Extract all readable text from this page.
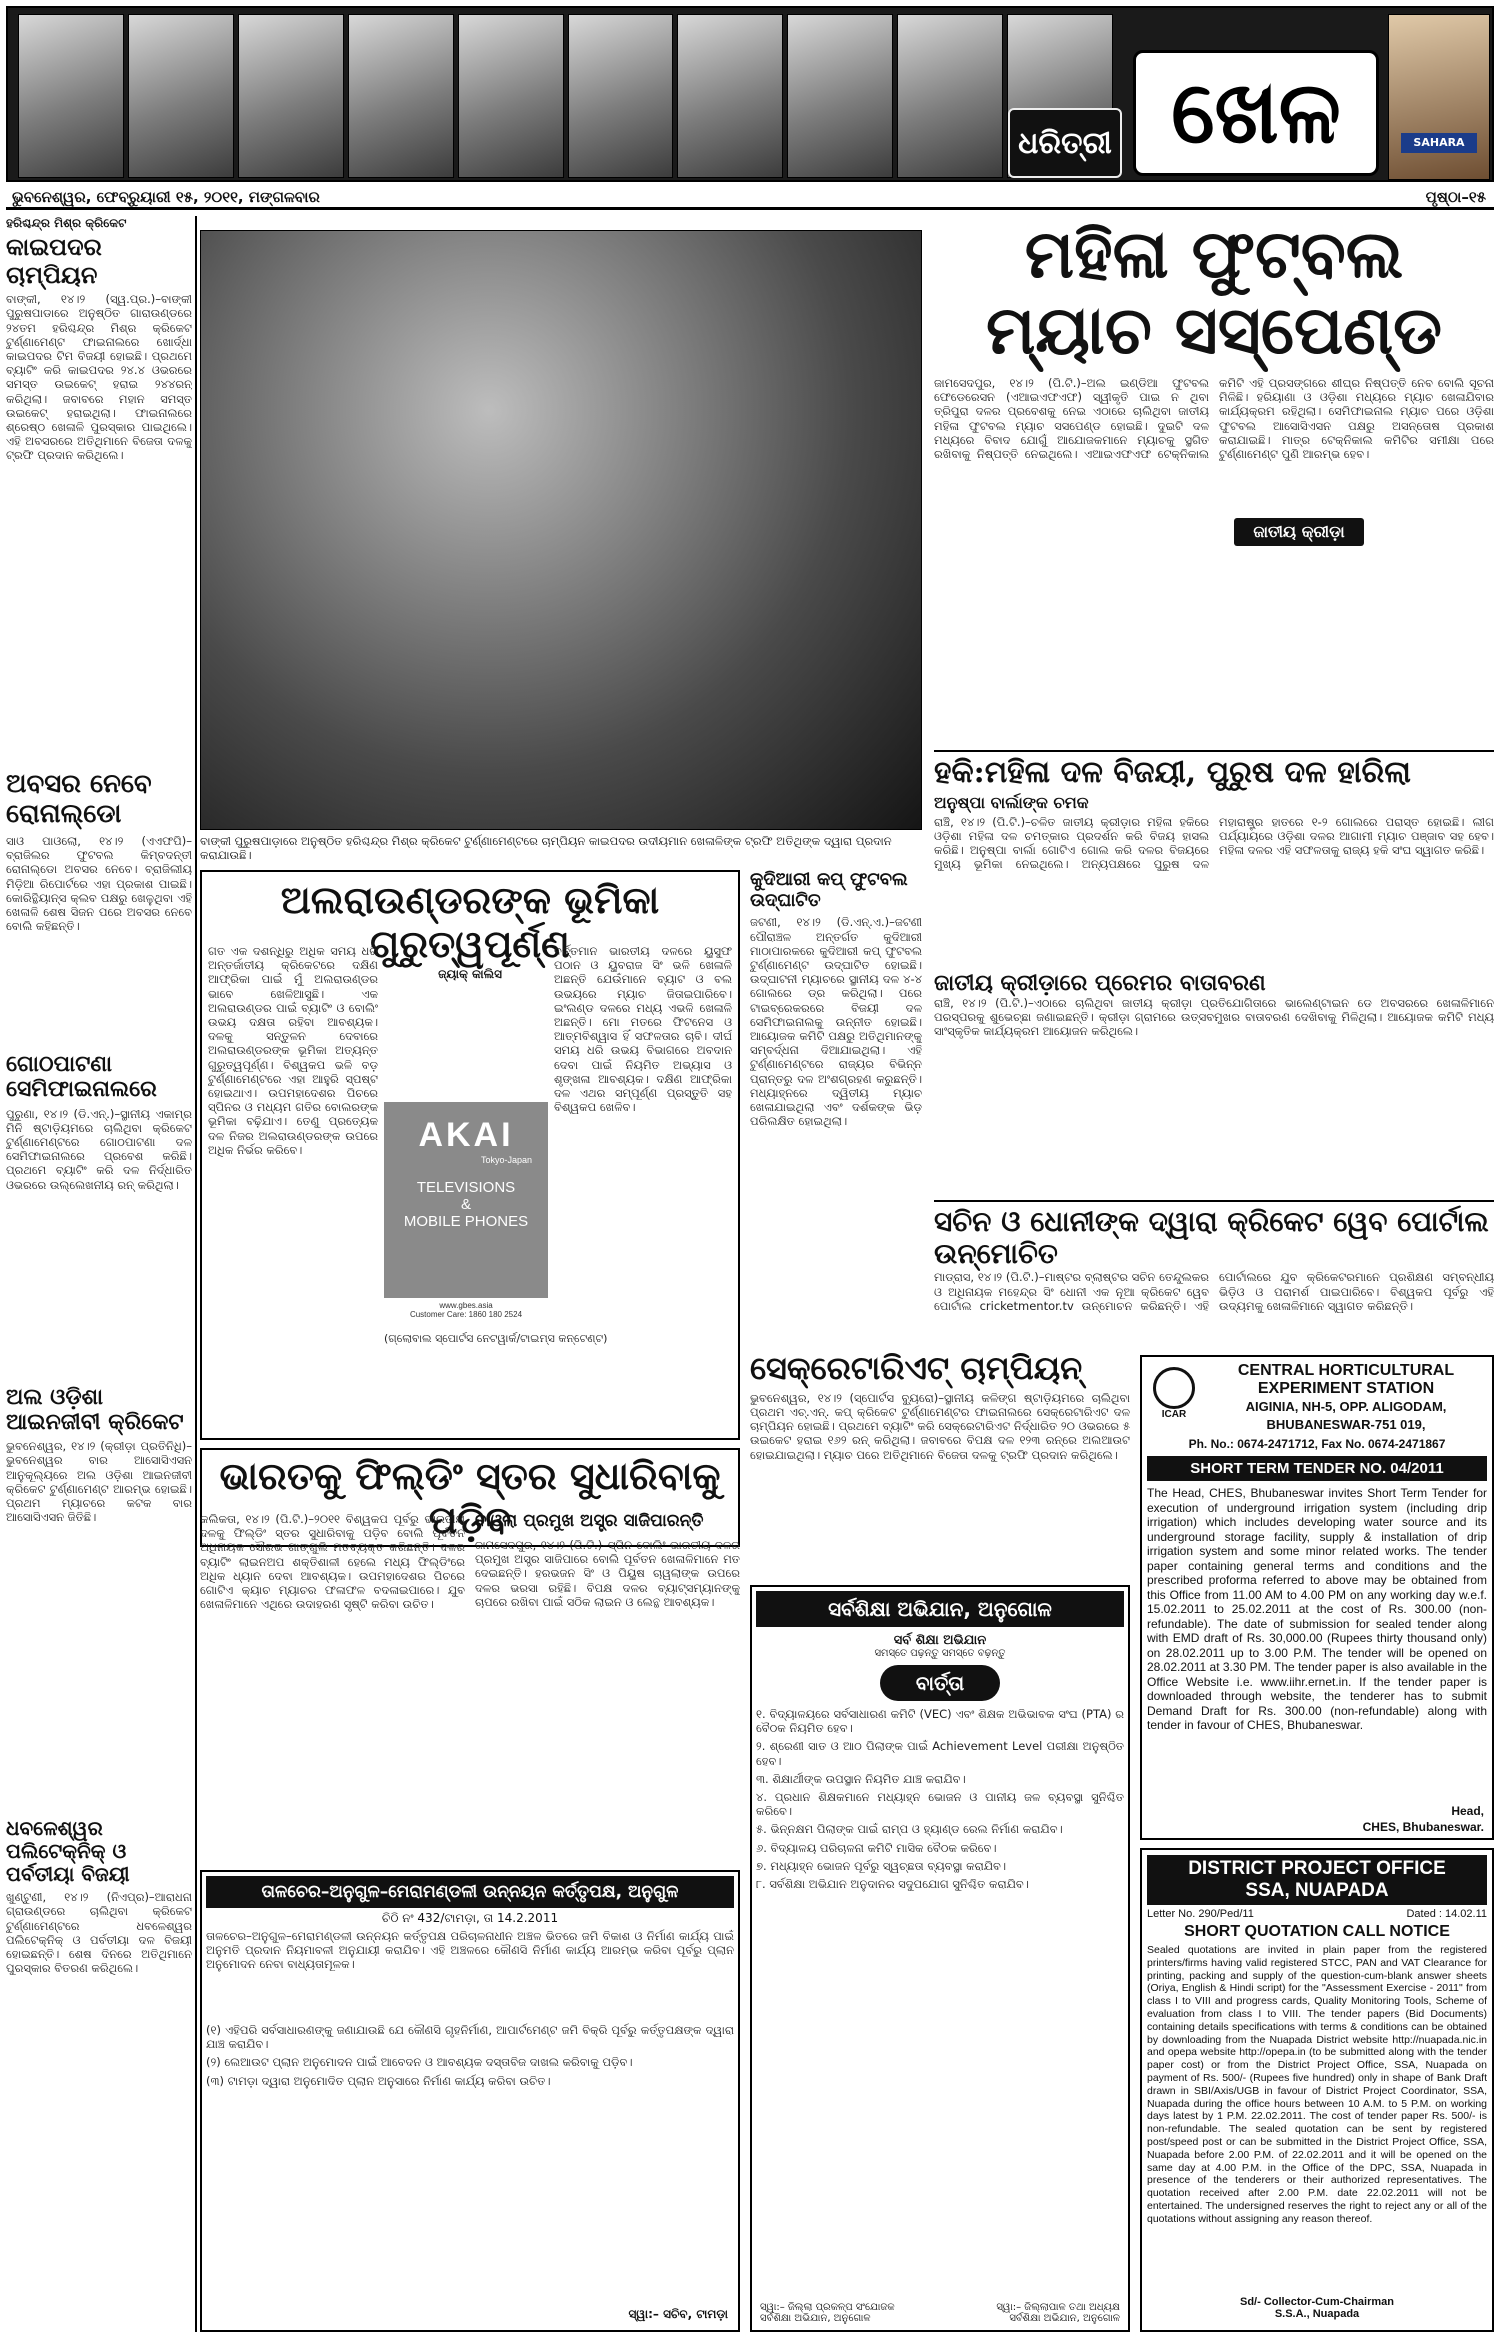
ଧରିତ୍ରୀ ଖେଳ	SAHARA
ଭୁବନେଶ୍ୱର, ଫେବ୍ରୁୟାରୀ ୧୫, ୨୦୧୧, ମଙ୍ଗଳବାର	ପୃଷ୍ଠା–୧୫
ହରିଶ୍ଚନ୍ଦ୍ର ମିଶ୍ର କ୍ରିକେଟ
କାଇପଦର ଚାମ୍ପିୟନ
ବାଙ୍କୀ, ୧୪।୨ (ସ୍ୱ.ପ୍ର.)–ବାଙ୍କୀ ପୁରୁଷପାଡାରେ ଅନୁଷ୍ଠିତ ଗାରାଉଣ୍ଡରେ ୨୪ତମ ହରିଶ୍ଚନ୍ଦ୍ର ମିଶ୍ର କ୍ରିକେଟ ଟୁର୍ଣ୍ଣାମେଣ୍ଟ ଫାଇନାଲରେ ଖୋର୍ଦ୍ଧା କାଇପଦର ଟିମ ବିଜୟୀ ହୋଇଛି। ପ୍ରଥମେ ବ୍ୟାଟିଂ କରି କାଇପଦର ୨୪.୪ ଓଭରରେ ସମସ୍ତ ଉଇକେଟ୍ ହରାଇ ୨୪୪ରନ୍ କରିଥିଲା। ଜବାବରେ ମହାନ ସମସ୍ତ ଉଇକେଟ୍ ହରାଇଥିଲା। ଫାଇନାଲରେ ଶ୍ରେଷ୍ଠ ଖେଳାଳି ପୁରସ୍କାର ପାଇଥିଲେ। ଏହି ଅବସରରେ ଅତିଥିମାନେ ବିଜେତା ଦଳକୁ ଟ୍ରଫି ପ୍ରଦାନ କରିଥିଲେ।
ଅବସର ନେବେ ରୋନାଲ୍ଡୋ
ସାଓ ପାଓଲୋ, ୧୪।୨ (ଏଏଫପି)–ବ୍ରାଜିଲର ଫୁଟବଲ କିମ୍ବଦନ୍ତୀ ରୋନାଲ୍ଡୋ ଅବସର ନେବେ। ବ୍ରାଜିଲୀୟ ମିଡ଼ିଆ ରିପୋର୍ଟରେ ଏହା ପ୍ରକାଶ ପାଇଛି। କୋରିନ୍ଥିୟାନ୍ସ କ୍ଲବ ପକ୍ଷରୁ ଖେଳୁଥିବା ଏହି ଖେଳାଳି ଶେଷ ସିଜନ ପରେ ଅବସର ନେବେ ବୋଲି କହିଛନ୍ତି।
ଗୋଠପାଟଣା ସେମିଫାଇନାଲରେ
ପୁରୁଣା, ୧୪।୨ (ଡି.ଏନ୍.)–ସ୍ଥାନୀୟ ଏକାମ୍ର ମିନି ଷ୍ଟାଡ଼ିୟମରେ ଚାଲିଥିବା କ୍ରିକେଟ ଟୁର୍ଣ୍ଣାମେଣ୍ଟରେ ଗୋଠପାଟଣା ଦଳ ସେମିଫାଇନାଲରେ ପ୍ରବେଶ କରିଛି। ପ୍ରଥମେ ବ୍ୟାଟିଂ କରି ଦଳ ନିର୍ଦ୍ଧାରିତ ଓଭରରେ ଉଲ୍ଲେଖନୀୟ ରନ୍ କରିଥିଲା।
ଅଲ ଓଡ଼ିଶା ଆଇନଜୀବୀ କ୍ରିକେଟ
ଭୁବନେଶ୍ୱର, ୧୪।୨ (କ୍ରୀଡ଼ା ପ୍ରତିନିଧି)–ଭୁବନେଶ୍ୱର ବାର ଆସୋସିଏସନ ଆନୁକୂଲ୍ୟରେ ଅଲ ଓଡ଼ିଶା ଆଇନଜୀବୀ କ୍ରିକେଟ ଟୁର୍ଣ୍ଣାମେଣ୍ଟ ଆରମ୍ଭ ହୋଇଛି। ପ୍ରଥମ ମ୍ୟାଚରେ କଟକ ବାର ଆସୋସିଏସନ ଜିତିଛି।
ଧବଳେଶ୍ୱର ପଲିଟେକ୍ନିକ୍ ଓ ପର୍ବତୀୟା ବିଜୟୀ
ଖୁଣ୍ଟୁଣୀ, ୧୪।୨ (ନିଏପ୍ର)–ଆରାଧନା ଗ୍ରାଉଣ୍ଡରେ ଚାଲିଥିବା କ୍ରିକେଟ ଟୁର୍ଣ୍ଣାମେଣ୍ଟରେ ଧବଳେଶ୍ୱର ପଲିଟେକ୍ନିକ୍ ଓ ପର୍ବତୀୟା ଦଳ ବିଜୟୀ ହୋଇଛନ୍ତି। ଶେଷ ଦିନରେ ଅତିଥିମାନେ ପୁରସ୍କାର ବିତରଣ କରିଥିଲେ।
ବାଙ୍କୀ ପୁରୁଷପାଡ଼ାରେ ଅନୁଷ୍ଠିତ ହରିଶ୍ଚନ୍ଦ୍ର ମିଶ୍ର କ୍ରିକେଟ ଟୁର୍ଣ୍ଣାମେଣ୍ଟରେ ଚାମ୍ପିୟନ କାଇପଦର ଉଦୀୟମାନ ଖେଳାଳିଙ୍କ ଟ୍ରଫି ଅତିଥିଙ୍କ ଦ୍ୱାରା ପ୍ରଦାନ କରାଯାଉଛି।
ମହିଳା ଫୁଟ୍‌ବଲ
ମ୍ୟାଚ ସସ୍‌ପେଣ୍ଡ
ଜାମସେଦପୁର, ୧୪।୨ (ପି.ଟି.)–ଅଲ ଇଣ୍ଡିଆ ଫୁଟବଲ ଫେଡେରେସନ (ଏଆଇଏଫଏଫ) ସ୍ୱୀକୃତି ପାଇ ନ ଥିବା ତ୍ରିପୁରା ଦଳର ପ୍ରବେଶକୁ ନେଇ ଏଠାରେ ଚାଲିଥିବା ଜାତୀୟ ମହିଳା ଫୁଟବଲ ମ୍ୟାଚ ସସପେଣ୍ଡ ହୋଇଛି। ଦୁଇଟି ଦଳ ମଧ୍ୟରେ ବିବାଦ ଯୋଗୁଁ ଆଯୋଜକମାନେ ମ୍ୟାଚକୁ ସ୍ଥଗିତ ରଖିବାକୁ ନିଷ୍ପତ୍ତି ନେଇଥିଲେ। ଏଆଇଏଫଏଫ ଟେକ୍ନିକାଲ କମିଟି ଏହି ପ୍ରସଙ୍ଗରେ ଶୀଘ୍ର ନିଷ୍ପତ୍ତି ନେବ ବୋଲି ସୂଚନା ମିଳିଛି। ହରିୟାଣା ଓ ଓଡ଼ିଶା ମଧ୍ୟରେ ମ୍ୟାଚ ଖେଳାଯିବାର କାର୍ଯ୍ୟକ୍ରମ ରହିଥିଲା। ସେମିଫାଇନାଲ ମ୍ୟାଚ ପରେ ଓଡ଼ିଶା ଫୁଟବଲ ଆସୋସିଏସନ ପକ୍ଷରୁ ଅସନ୍ତୋଷ ପ୍ରକାଶ କରାଯାଇଛି। ମାତ୍ର ଟେକ୍ନିକାଲ କମିଟିର ସମୀକ୍ଷା ପରେ ଟୁର୍ଣ୍ଣାମେଣ୍ଟ ପୁଣି ଆରମ୍ଭ ହେବ।
ଜାତୀୟ କ୍ରୀଡ଼ା
ଅଲରାଉଣ୍ଡରଙ୍କ ଭୂମିକା ଗୁରୁତ୍ୱପୂର୍ଣ୍ଣ
ଜ୍ୟାକ୍ କାଲିସ
ଗତ ଏକ ଦଶନ୍ଧିରୁ ଅଧିକ ସମୟ ଧରି ଅନ୍ତର୍ଜାତୀୟ କ୍ରିକେଟରେ ଦକ୍ଷିଣ ଆଫ୍ରିକା ପାଇଁ ମୁଁ ଅଲରାଉଣ୍ଡର ଭାବେ ଖେଳିଆସୁଛି। ଏକ ଅଲରାଉଣ୍ଡର ପାଇଁ ବ୍ୟାଟିଂ ଓ ବୋଲିଂ ଉଭୟ ଦକ୍ଷତା ରହିବା ଆବଶ୍ୟକ। ଦଳକୁ ସନ୍ତୁଳନ ଦେବାରେ ଅଲରାଉଣ୍ଡରଙ୍କ ଭୂମିକା ଅତ୍ୟନ୍ତ ଗୁରୁତ୍ୱପୂର୍ଣ୍ଣ। ବିଶ୍ୱକପ ଭଳି ବଡ଼ ଟୁର୍ଣ୍ଣାମେଣ୍ଟରେ ଏହା ଆହୁରି ସ୍ପଷ୍ଟ ହୋଇଥାଏ। ଉପମହାଦେଶର ପିଚରେ ସ୍ପିନର ଓ ମଧ୍ୟମ ଗତିର ବୋଲରଙ୍କ ଭୂମିକା ବଢ଼ିଯାଏ। ତେଣୁ ପ୍ରତ୍ୟେକ ଦଳ ନିଜର ଅଲରାଉଣ୍ଡରଙ୍କ ଉପରେ ଅଧିକ ନିର୍ଭର କରିବେ।
ବର୍ତ୍ତମାନ ଭାରତୀୟ ଦଳରେ ୟୁସୁଫ ପଠାନ ଓ ୟୁବରାଜ ସିଂ ଭଳି ଖେଳାଳି ଅଛନ୍ତି ଯେଉଁମାନେ ବ୍ୟାଟ ଓ ବଲ ଉଭୟରେ ମ୍ୟାଚ ଜିତାଇପାରିବେ। ଇଂଲଣ୍ଡ ଦଳରେ ମଧ୍ୟ ଏଭଳି ଖେଳାଳି ଅଛନ୍ତି। ମୋ ମତରେ ଫିଟନେସ ଓ ଆତ୍ମବିଶ୍ୱାସ ହିଁ ସଫଳତାର ଚାବି। ଦୀର୍ଘ ସମୟ ଧରି ଉଭୟ ବିଭାଗରେ ଅବଦାନ ଦେବା ପାଇଁ ନିୟମିତ ଅଭ୍ୟାସ ଓ ଶୃଙ୍ଖଳା ଆବଶ୍ୟକ। ଦକ୍ଷିଣ ଆଫ୍ରିକା ଦଳ ଏଥର ସମ୍ପୂର୍ଣ୍ଣ ପ୍ରସ୍ତୁତି ସହ ବିଶ୍ୱକପ ଖେଳିବ।
AKAI
Tokyo-Japan
TELEVISIONS
&
MOBILE PHONES
www.gbes.asia
Customer Care: 1860 180 2524
(ଗ୍ଲୋବାଲ ସ୍ପୋର୍ଟସ ନେଟୱାର୍କ/ଟାଇମ୍ସ କନ୍ଟେଣ୍ଟ)
କୁଦିଆରୀ କପ୍ ଫୁଟବଲ ଉଦ୍‌ଘାଟିତ
ଜଟଣୀ, ୧୪।୨ (ଡି.ଏନ୍.ଏ.)–ଜଟଣୀ ପୌରାଞ୍ଚଳ ଅନ୍ତର୍ଗତ କୁଦିଆରୀ ମାଠାପାରକରେ କୁଦିଆରୀ କପ୍ ଫୁଟବଲ ଟୁର୍ଣ୍ଣାମେଣ୍ଟ ଉଦ୍‌ଘାଟିତ ହୋଇଛି। ଉଦ୍‌ଘାଟନୀ ମ୍ୟାଚରେ ସ୍ଥାନୀୟ ଦଳ ୪-୪ ଗୋଲରେ ଡ୍ର କରିଥିଲା। ପରେ ଟାଇବ୍ରେକରରେ ବିଜୟୀ ଦଳ ସେମିଫାଇନାଲକୁ ଉନ୍ନୀତ ହୋଇଛି। ଆୟୋଜକ କମିଟି ପକ୍ଷରୁ ଅତିଥିମାନଙ୍କୁ ସମ୍ବର୍ଦ୍ଧନା ଦିଆଯାଇଥିଲା। ଏହି ଟୁର୍ଣ୍ଣାମେଣ୍ଟରେ ରାଜ୍ୟର ବିଭିନ୍ନ ପ୍ରାନ୍ତରୁ ଦଳ ଅଂଶଗ୍ରହଣ କରୁଛନ୍ତି। ମଧ୍ୟାହ୍ନରେ ଦ୍ୱିତୀୟ ମ୍ୟାଚ ଖେଳାଯାଇଥିଲା ଏବଂ ଦର୍ଶକଙ୍କ ଭିଡ଼ ପରିଲକ୍ଷିତ ହୋଇଥିଲା।
ହକି:ମହିଳା ଦଳ ବିଜୟୀ, ପୁରୁଷ ଦଳ ହାରିଲା
ଅନୁଷ୍ପା ବାର୍ଲାଙ୍କ ଚମକ
ରାଞ୍ଚି, ୧୪।୨ (ପି.ଟି.)–ଚଳିତ ଜାତୀୟ କ୍ରୀଡ଼ାର ମହିଳା ହକିରେ ଓଡ଼ିଶା ମହିଳା ଦଳ ଚମତ୍କାର ପ୍ରଦର୍ଶନ କରି ବିଜୟ ହାସଲ କରିଛି। ଅନୁଷ୍ପା ବାର୍ଲା ଗୋଟିଏ ଗୋଲ କରି ଦଳର ବିଜୟରେ ମୁଖ୍ୟ ଭୂମିକା ନେଇଥିଲେ। ଅନ୍ୟପକ୍ଷରେ ପୁରୁଷ ଦଳ ମହାରାଷ୍ଟ୍ର ହାତରେ ୧-୨ ଗୋଲରେ ପରାସ୍ତ ହୋଇଛି। ଲୀଗ ପର୍ଯ୍ୟାୟରେ ଓଡ଼ିଶା ଦଳର ଆଗାମୀ ମ୍ୟାଚ ପଞ୍ଜାବ ସହ ହେବ। ମହିଳା ଦଳର ଏହି ସଫଳତାକୁ ରାଜ୍ୟ ହକି ସଂଘ ସ୍ୱାଗତ କରିଛି।
ଜାତୀୟ କ୍ରୀଡ଼ାରେ ପ୍ରେମର ବାତାବରଣ
ରାଞ୍ଚି, ୧୪।୨ (ପି.ଟି.)–ଏଠାରେ ଚାଲିଥିବା ଜାତୀୟ କ୍ରୀଡ଼ା ପ୍ରତିଯୋଗିତାରେ ଭାଲେଣ୍ଟାଇନ ଡେ ଅବସରରେ ଖେଳାଳିମାନେ ପରସ୍ପରକୁ ଶୁଭେଚ୍ଛା ଜଣାଇଛନ୍ତି। କ୍ରୀଡ଼ା ଗ୍ରାମରେ ଉତ୍ସବମୁଖର ବାତାବରଣ ଦେଖିବାକୁ ମିଳିଥିଲା। ଆୟୋଜକ କମିଟି ମଧ୍ୟ ସାଂସ୍କୃତିକ କାର୍ଯ୍ୟକ୍ରମ ଆୟୋଜନ କରିଥିଲେ।
ସଚିନ ଓ ଧୋନୀଙ୍କ ଦ୍ୱାରା କ୍ରିକେଟ ୱେବ ପୋର୍ଟାଲ ଉନ୍ମୋଚିତ
ମାଡ୍ରାସ, ୧୪।୨ (ପି.ଟି.)–ମାଷ୍ଟର ବ୍ଲାଷ୍ଟର ସଚିନ ତେନ୍ଦୁଲକର ଓ ଅଧିନାୟକ ମହେନ୍ଦ୍ର ସିଂ ଧୋନୀ ଏକ ନୂଆ କ୍ରିକେଟ ୱେବ ପୋର୍ଟାଲ cricketmentor.tv ଉନ୍ମୋଚନ କରିଛନ୍ତି। ଏହି ପୋର୍ଟାଲରେ ଯୁବ କ୍ରିକେଟରମାନେ ପ୍ରଶିକ୍ଷଣ ସମ୍ବନ୍ଧୀୟ ଭିଡ଼ିଓ ଓ ପରାମର୍ଶ ପାଇପାରିବେ। ବିଶ୍ୱକପ ପୂର୍ବରୁ ଏହି ଉଦ୍ୟମକୁ ଖେଳାଳିମାନେ ସ୍ୱାଗତ କରିଛନ୍ତି।
ସେକ୍ରେଟାରିଏଟ୍ ଚାମ୍ପିୟନ୍
ଭୁବନେଶ୍ୱର, ୧୪।୨ (ସ୍ପୋର୍ଟସ ବ୍ୟୁରୋ)–ସ୍ଥାନୀୟ କଳିଙ୍ଗ ଷ୍ଟାଡ଼ିୟମରେ ଚାଲିଥିବା ପ୍ରଥମ ଏଚ୍.ଏନ୍. କପ୍ କ୍ରିକେଟ ଟୁର୍ଣ୍ଣାମେଣ୍ଟର ଫାଇନାଲରେ ସେକ୍ରେଟାରିଏଟ ଦଳ ଚାମ୍ପିୟନ ହୋଇଛି। ପ୍ରଥମେ ବ୍ୟାଟିଂ କରି ସେକ୍ରେଟାରିଏଟ ନିର୍ଦ୍ଧାରିତ ୨୦ ଓଭରରେ ୫ ଉଇକେଟ ହରାଇ ୧୬୨ ରନ୍ କରିଥିଲା। ଜବାବରେ ବିପକ୍ଷ ଦଳ ୧୨୩ ରନ୍‌ରେ ଅଲଆଉଟ ହୋଇଯାଇଥିଲା। ମ୍ୟାଚ ପରେ ଅତିଥିମାନେ ବିଜେତା ଦଳକୁ ଟ୍ରଫି ପ୍ରଦାନ କରିଥିଲେ।
ଭାରତକୁ ଫିଲ୍ଡିଂ ସ୍ତର ସୁଧାରିବାକୁ ପଡ଼ିବ
କଲିକତା, ୧୪।୨ (ପି.ଟି.)–୨୦୧୧ ବିଶ୍ୱକପ ପୂର୍ବରୁ ଭାରତୀୟ ଦଳକୁ ଫିଲ୍ଡିଂ ସ୍ତର ସୁଧାରିବାକୁ ପଡ଼ିବ ବୋଲି ପୂର୍ବତନ ଅଧିନାୟକ ସୌରଭ ଗାଙ୍ଗୁଲି ମତବ୍ୟକ୍ତ କରିଛନ୍ତି। ଦଳର ବ୍ୟାଟିଂ ଲାଇନଅପ ଶକ୍ତିଶାଳୀ ହେଲେ ମଧ୍ୟ ଫିଲ୍ଡିଂରେ ଅଧିକ ଧ୍ୟାନ ଦେବା ଆବଶ୍ୟକ। ଉପମହାଦେଶର ପିଚରେ ଗୋଟିଏ କ୍ୟାଚ ମ୍ୟାଚର ଫଳାଫଳ ବଦଳାଇପାରେ। ଯୁବ ଖେଳାଳିମାନେ ଏଥିରେ ଉଦାହରଣ ସୃଷ୍ଟି କରିବା ଉଚିତ।
ବାଓଲା ପ୍ରମୁଖ ଅସ୍ତ୍ର ସାଜିପାରନ୍ତି
ଜାମସେଦପୁର, ୧୪।୨ (ପି.ଟି.)–ସ୍ପିନ ବୋଲିଂ ଭାରତୀୟ ଦଳର ପ୍ରମୁଖ ଅସ୍ତ୍ର ସାଜିପାରେ ବୋଲି ପୂର୍ବତନ ଖେଳାଳିମାନେ ମତ ଦେଇଛନ୍ତି। ହରଭଜନ ସିଂ ଓ ପିୟୁଷ ଚାୱଲାଙ୍କ ଉପରେ ଦଳର ଭରସା ରହିଛି। ବିପକ୍ଷ ଦଳର ବ୍ୟାଟ୍ସମ୍ୟାନଙ୍କୁ ଚାପରେ ରଖିବା ପାଇଁ ସଠିକ ଲାଇନ ଓ ଲେନ୍ଥ ଆବଶ୍ୟକ।
ତାଳଚେର–ଅନୁଗୁଳ–ମେରାମଣ୍ଡଳୀ ଉନ୍ନୟନ କର୍ତ୍ତୃପକ୍ଷ, ଅନୁଗୁଳ
ଚିଠି ନଂ 432/ଟାମଡ଼ା, ତା 14.2.2011
ତାଳଚେର–ଅନୁଗୁଳ–ମେରାମଣ୍ଡଳୀ ଉନ୍ନୟନ କର୍ତ୍ତୃପକ୍ଷ ପରିଚାଳନାଧୀନ ଅଞ୍ଚଳ ଭିତରେ ଜମି ବିକାଶ ଓ ନିର୍ମାଣ କାର୍ଯ୍ୟ ପାଇଁ ଅନୁମତି ପ୍ରଦାନ ନିୟମାବଳୀ ଅନୁଯାୟୀ କରାଯିବ। ଏହି ଅଞ୍ଚଳରେ କୌଣସି ନିର୍ମାଣ କାର୍ଯ୍ୟ ଆରମ୍ଭ କରିବା ପୂର୍ବରୁ ପ୍ଲାନ ଅନୁମୋଦନ ନେବା ବାଧ୍ୟତାମୂଳକ।
(୧) ଏହିପରି ସର୍ବସାଧାରଣଙ୍କୁ ଜଣାଯାଉଛି ଯେ କୌଣସି ଗୃହନିର୍ମାଣ, ଆପାର୍ଟମେଣ୍ଟ ଜମି ବିକ୍ରି ପୂର୍ବରୁ କର୍ତ୍ତୃପକ୍ଷଙ୍କ ଦ୍ୱାରା ଯାଞ୍ଚ କରାଯିବ।
(୨) ଲେଆଉଟ ପ୍ଲାନ ଅନୁମୋଦନ ପାଇଁ ଆବେଦନ ଓ ଆବଶ୍ୟକ ଦସ୍ତାବିଜ ଦାଖଲ କରିବାକୁ ପଡ଼ିବ।
(୩) ଟାମଡ଼ା ଦ୍ୱାରା ଅନୁମୋଦିତ ପ୍ଲାନ ଅନୁସାରେ ନିର୍ମାଣ କାର୍ଯ୍ୟ କରିବା ଉଚିତ।
ସ୍ୱା:– ସଚିବ, ଟାମଡ଼ା
ସର୍ବଶିକ୍ଷା ଅଭିଯାନ, ଅନୁଗୋଳ
ସର୍ବ ଶିକ୍ଷା ଅଭିଯାନ
ସମସ୍ତେ ପଢ଼ନ୍ତୁ ସମସ୍ତେ ବଢ଼ନ୍ତୁ
ବାର୍ତ୍ତା
୧. ବିଦ୍ୟାଳୟରେ ସର୍ବସାଧାରଣ କମିଟି (VEC) ଏବଂ ଶିକ୍ଷକ ଅଭିଭାବକ ସଂଘ (PTA) ର ବୈଠକ ନିୟମିତ ହେବ।
୨. ଶ୍ରେଣୀ ସାତ ଓ ଆଠ ପିଲାଙ୍କ ପାଇଁ Achievement Level ପରୀକ୍ଷା ଅନୁଷ୍ଠିତ ହେବ।
୩. ଶିକ୍ଷାର୍ଥୀଙ୍କ ଉପସ୍ଥାନ ନିୟମିତ ଯାଞ୍ଚ କରାଯିବ।
୪. ପ୍ରଧାନ ଶିକ୍ଷକମାନେ ମଧ୍ୟାହ୍ନ ଭୋଜନ ଓ ପାନୀୟ ଜଳ ବ୍ୟବସ୍ଥା ସୁନିଶ୍ଚିତ କରିବେ।
୫. ଭିନ୍ନକ୍ଷମ ପିଲାଙ୍କ ପାଇଁ ରାମ୍ପ ଓ ହ୍ୟାଣ୍ଡ ରେଲ ନିର୍ମାଣ କରାଯିବ।
୬. ବିଦ୍ୟାଳୟ ପରିଚାଳନା କମିଟି ମାସିକ ବୈଠକ କରିବେ।
୭. ମଧ୍ୟାହ୍ନ ଭୋଜନ ପୂର୍ବରୁ ସ୍ୱଚ୍ଛତା ବ୍ୟବସ୍ଥା କରାଯିବ।
୮. ସର୍ବଶିକ୍ଷା ଅଭିଯାନ ଅନୁଦାନର ସଦୁପଯୋଗ ସୁନିଶ୍ଚିତ କରାଯିବ।
ସ୍ୱା:– ଜିଲ୍ଲା ପ୍ରକଳ୍ପ ସଂଯୋଜକ
ସର୍ବଶିକ୍ଷା ଅଭିଯାନ, ଅନୁଗୋଳ
ସ୍ୱା:– ଜିଲ୍ଲାପାଳ ତଥା ଅଧ୍ୟକ୍ଷ
ସର୍ବଶିକ୍ଷା ଅଭିଯାନ, ଅନୁଗୋଳ
ICAR
CENTRAL HORTICULTURAL
EXPERIMENT STATION
AIGINIA, NH-5, OPP. ALIGODAM,
BHUBANESWAR-751 019,
Ph. No.: 0674-2471712, Fax No. 0674-2471867
SHORT TERM TENDER NO. 04/2011
The Head, CHES, Bhubaneswar invites Short Term Tender for execution of underground irrigation system (including drip irrigation) which includes developing water source and its underground storage facility, supply & installation of drip irrigation system and some minor related works. The tender paper containing general terms and conditions and the prescribed proforma referred to above may be obtained from this Office from 11.00 AM to 4.00 PM on any working day w.e.f. 15.02.2011 to 25.02.2011 at the cost of Rs. 300.00 (non-refundable). The date of submission for sealed tender along with EMD draft of Rs. 30,000.00 (Rupees thirty thousand only) on 28.02.2011 up to 3.00 P.M. The tender will be opened on 28.02.2011 at 3.30 PM. The tender paper is also available in the Office Website i.e. www.iihr.ernet.in. If the tender paper is downloaded through website, the tenderer has to submit Demand Draft for Rs. 300.00 (non-refundable) along with tender in favour of CHES, Bhubaneswar.
Head,
CHES, Bhubaneswar.
DISTRICT PROJECT OFFICE
SSA, NUAPADA
Letter No. 290/Ped/11	Dated : 14.02.11
SHORT QUOTATION CALL NOTICE
Sealed quotations are invited in plain paper from the registered printers/firms having valid registered STCC, PAN and VAT Clearance for printing, packing and supply of the question-cum-blank answer sheets (Oriya, English & Hindi script) for the "Assessment Exercise - 2011" from class I to VIII and progress cards, Quality Monitoring Tools, Scheme of evaluation from class I to VIII. The tender papers (Bid Documents) containing details specifications with terms & conditions can be obtained by downloading from the Nuapada District website http://nuapada.nic.in and opepa website http://opepa.in (to be submitted along with the tender paper cost) or from the District Project Office, SSA, Nuapada on payment of Rs. 500/- (Rupees five hundred) only in shape of Bank Draft drawn in SBI/Axis/UGB in favour of District Project Coordinator, SSA, Nuapada during the office hours between 10 A.M. to 5 P.M. on working days latest by 1 P.M. 22.02.2011. The cost of tender paper Rs. 500/- is non-refundable. The sealed quotation can be sent by registered post/speed post or can be submitted in the District Project Office, SSA, Nuapada before 2.00 P.M. of 22.02.2011 and it will be opened on the same day at 4.00 P.M. in the Office of the DPC, SSA, Nuapada in presence of the tenderers or their authorized representatives. The quotation received after 2.00 P.M. date 22.02.2011 will not be entertained. The undersigned reserves the right to reject any or all of the quotations without assigning any reason thereof.
Sd/- Collector-Cum-Chairman
S.S.A., Nuapada
